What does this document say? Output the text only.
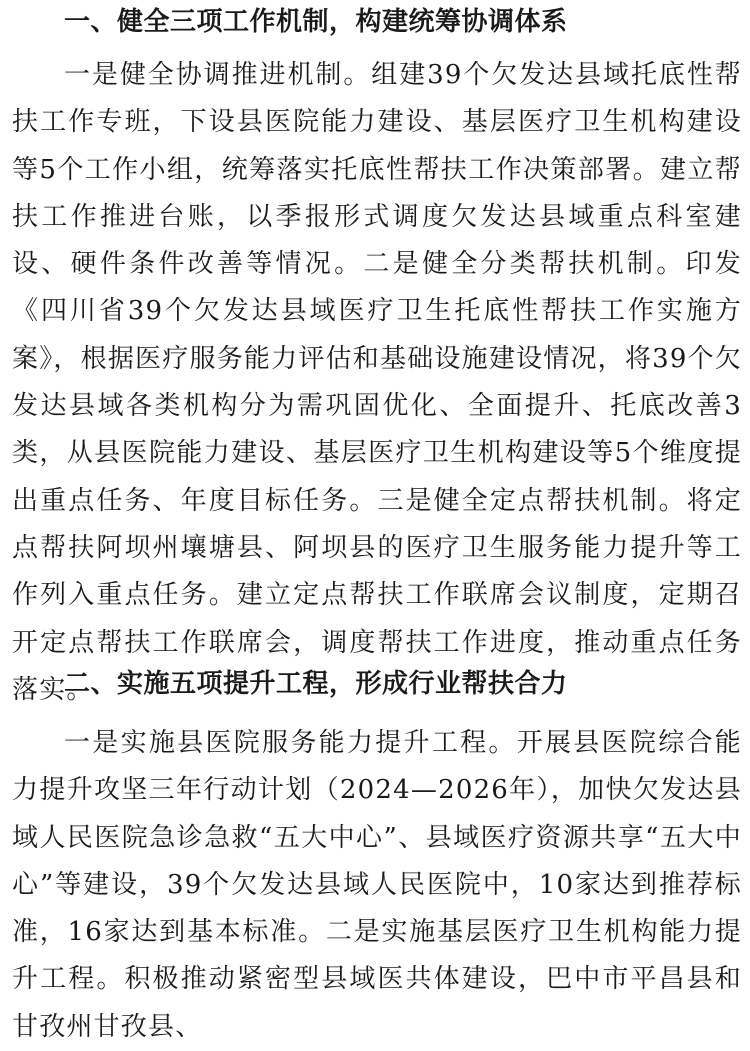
一、健全三项工作机制，构建统筹协调体系

一是健全协调推进机制。组建39个欠发达县域托底性帮扶工作专班，下设县医院能力建设、基层医疗卫生机构建设等5个工作小组，统筹落实托底性帮扶工作决策部署。建立帮扶工作推进台账，以季报形式调度欠发达县域重点科室建设、硬件条件改善等情况。二是健全分类帮扶机制。印发《四川省39个欠发达县域医疗卫生托底性帮扶工作实施方案》，根据医疗服务能力评估和基础设施建设情况，将39个欠发达县域各类机构分为需巩固优化、全面提升、托底改善3类，从县医院能力建设、基层医疗卫生机构建设等5个维度提出重点任务、年度目标任务。三是健全定点帮扶机制。将定点帮扶阿坝州壤塘县、阿坝县的医疗卫生服务能力提升等工作列入重点任务。建立定点帮扶工作联席会议制度，定期召开定点帮扶工作联席会，调度帮扶工作进度，推动重点任务落实。

二、实施五项提升工程，形成行业帮扶合力

一是实施县医院服务能力提升工程。开展县医院综合能力提升攻坚三年行动计划（2024—2026年），加快欠发达县域人民医院急诊急救“五大中心”、县域医疗资源共享“五大中心”等建设，39个欠发达县域人民医院中，10家达到推荐标准，16家达到基本标准。二是实施基层医疗卫生机构能力提升工程。积极推动紧密型县域医共体建设，巴中市平昌县和甘孜州甘孜县、
